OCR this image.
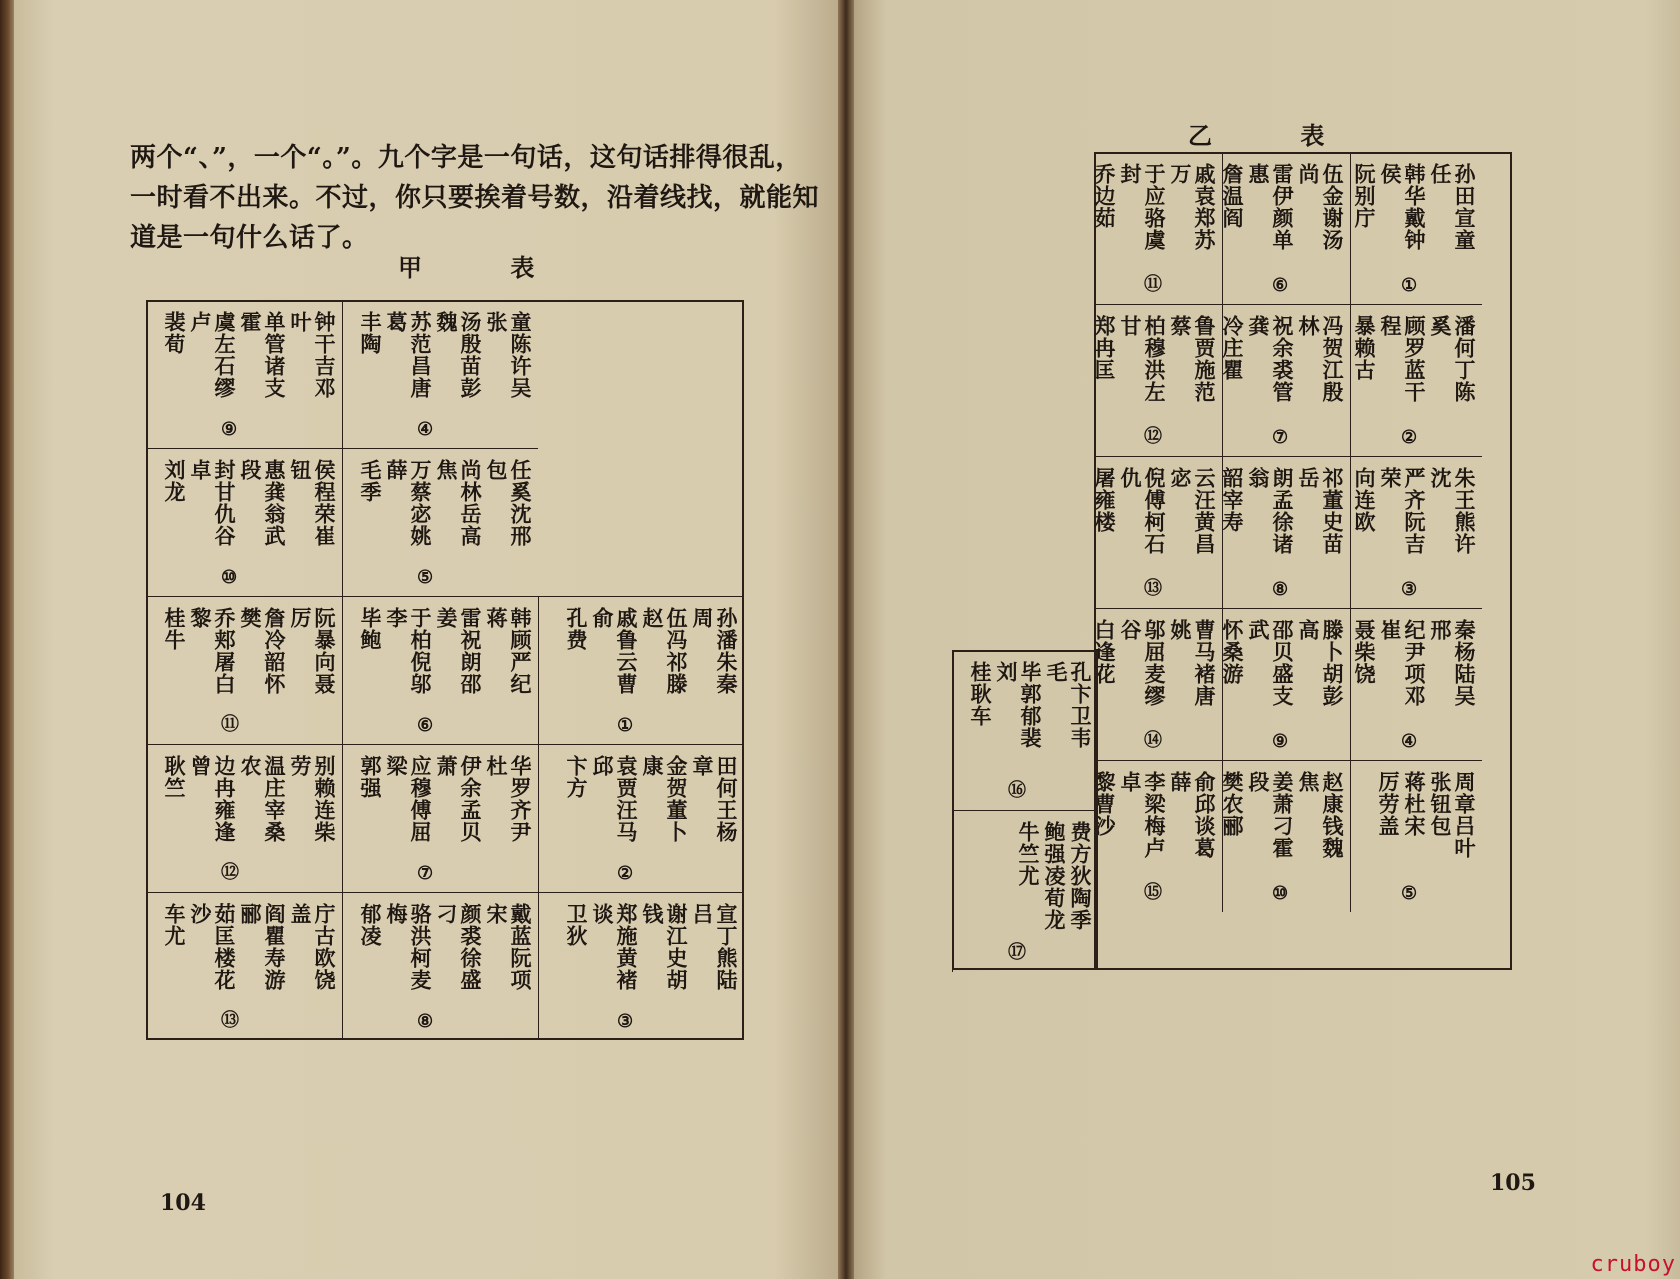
两个“、”，一个“。”。九个字是一句话，这句话排得很乱，一时看不出来。不过，你只要挨着号数，沿着线找，就能知道是一句什么话了。

甲 表
钟干吉邓叶
单管诸支霍
虞左石缪卢
裴荀
⑨
童陈许吴张
汤殷苗彭魏
苏范昌唐葛
丰陶
④
侯程荣崔钮
惠龚翁武段
封甘仇谷卓
刘龙
⑩
任奚沈邢包
尚林岳高焦
万蔡宓姚薛
毛季
⑤
阮暴向聂厉
詹冷韶怀樊
乔郏屠白黎
桂牛
⑪
韩顾严纪蒋
雷祝朗邵姜
于柏倪邬李
毕鲍
⑥
孙潘朱秦周
伍冯祁滕赵
戚鲁云曹俞
孔费
①
别赖连柴劳
温庄宰桑农
边冉雍逢曾
耿竺
⑫
华罗齐尹杜
伊余孟贝萧
应穆傅屈梁
郭强
⑦
田何王杨章
金贺董卜康
袁贾汪马邱
卞方
②
庁古欧饶盖
阎瞿寿游郦
茹匡楼花沙
车尤
⑬
戴蓝阮项宋
颜裘徐盛刁
骆洪柯麦梅
郁凌
⑧
宣丁熊陆吕
谢江史胡钱
郑施黄褚谈
卫狄
③
104
乙 表
戚袁郑苏万
于应骆虞封
乔边茹
⑪
伍金谢汤尚
雷伊颜单惠
詹温阎
⑥
孙田宣童任
韩华戴钟侯
阮别庁
①
鲁贾施范蔡
柏穆洪左甘
郑冉匡
⑫
冯贺江殷林
祝余裘管龚
冷庄瞿
⑦
潘何丁陈奚
顾罗蓝干程
暴赖古
②
云汪黄昌宓
倪傅柯石仇
屠雍楼
⑬
祁董史苗岳
朗孟徐诸翁
韶宰寿
⑧
朱王熊许沈
严齐阮吉荣
向连欧
③
曹马褚唐姚
邬屈麦缪谷
白逢花
⑭
滕卜胡彭高
邵贝盛支武
怀桑游
⑨
秦杨陆吴邢
纪尹项邓崔
聂柴饶
④
俞邱谈葛薛
李梁梅卢卓
黎曹沙
⑮
赵康钱魏焦
姜萧刁霍段
樊农郦
⑩
周章吕叶张钮包
蒋杜宋
厉劳盖
⑤
孔卞卫韦毛
毕郭郁裴刘
桂耿车
⑯
费方狄陶季
鲍强凌荀龙
牛竺尤
⑰
105
cruboy
